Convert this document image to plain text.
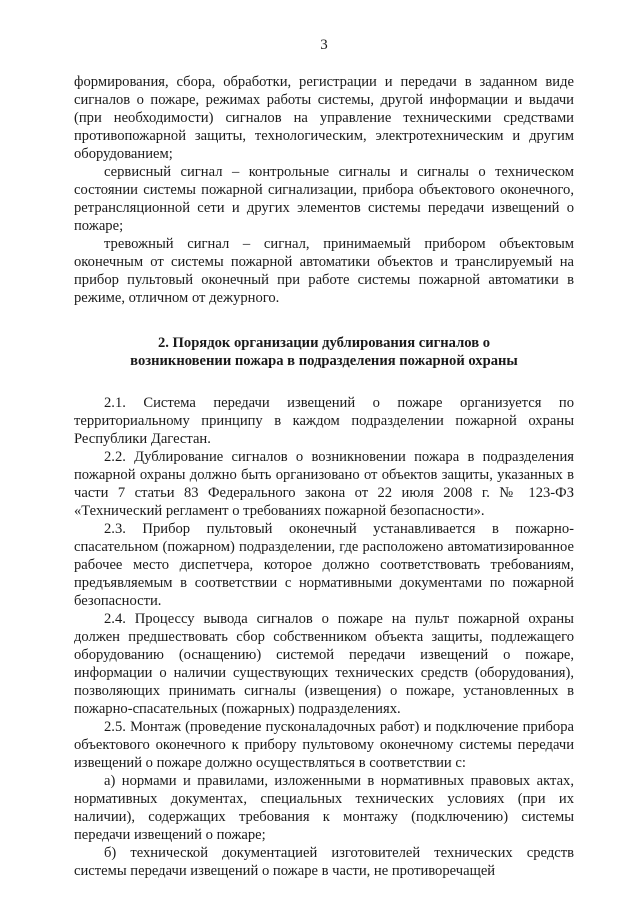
3

формирования, сбора, обработки, регистрации и передачи в заданном виде сигналов о пожаре, режимах работы системы, другой информации и выдачи (при необходимости) сигналов на управление техническими средствами противопожарной защиты, технологическим, электротехническим и другим оборудованием;

сервисный сигнал – контрольные сигналы и сигналы о техническом состоянии системы пожарной сигнализации, прибора объектового оконечного, ретрансляционной сети и других элементов системы передачи извещений о пожаре;

тревожный сигнал – сигнал, принимаемый прибором объектовым оконечным от системы пожарной автоматики объектов и транслируемый на прибор пультовый оконечный при работе системы пожарной автоматики в режиме, отличном от дежурного.

2. Порядок организации дублирования сигналов о
возникновении пожара в подразделения пожарной охраны

2.1. Система передачи извещений о пожаре организуется по территориальному принципу в каждом подразделении пожарной охраны Республики Дагестан.

2.2. Дублирование сигналов о возникновении пожара в подразделения пожарной охраны должно быть организовано от объектов защиты, указанных в части 7 статьи 83 Федерального закона от 22 июля 2008 г. № 123-ФЗ «Технический регламент о требованиях пожарной безопасности».

2.3. Прибор пультовый оконечный устанавливается в пожарно-спасательном (пожарном) подразделении, где расположено автоматизированное рабочее место диспетчера, которое должно соответствовать требованиям, предъявляемым в соответствии с нормативными документами по пожарной безопасности.

2.4. Процессу вывода сигналов о пожаре на пульт пожарной охраны должен предшествовать сбор собственником объекта защиты, подлежащего оборудованию (оснащению) системой передачи извещений о пожаре, информации о наличии существующих технических средств (оборудования), позволяющих принимать сигналы (извещения) о пожаре, установленных в пожарно-спасательных (пожарных) подразделениях.

2.5. Монтаж (проведение пусконаладочных работ) и подключение прибора объектового оконечного к прибору пультовому оконечному системы передачи извещений о пожаре должно осуществляться в соответствии с:

а) нормами и правилами, изложенными в нормативных правовых актах, нормативных документах, специальных технических условиях (при их наличии), содержащих требования к монтажу (подключению) системы передачи извещений о пожаре;

б) технической документацией изготовителей технических средств системы передачи извещений о пожаре в части, не противоречащей
